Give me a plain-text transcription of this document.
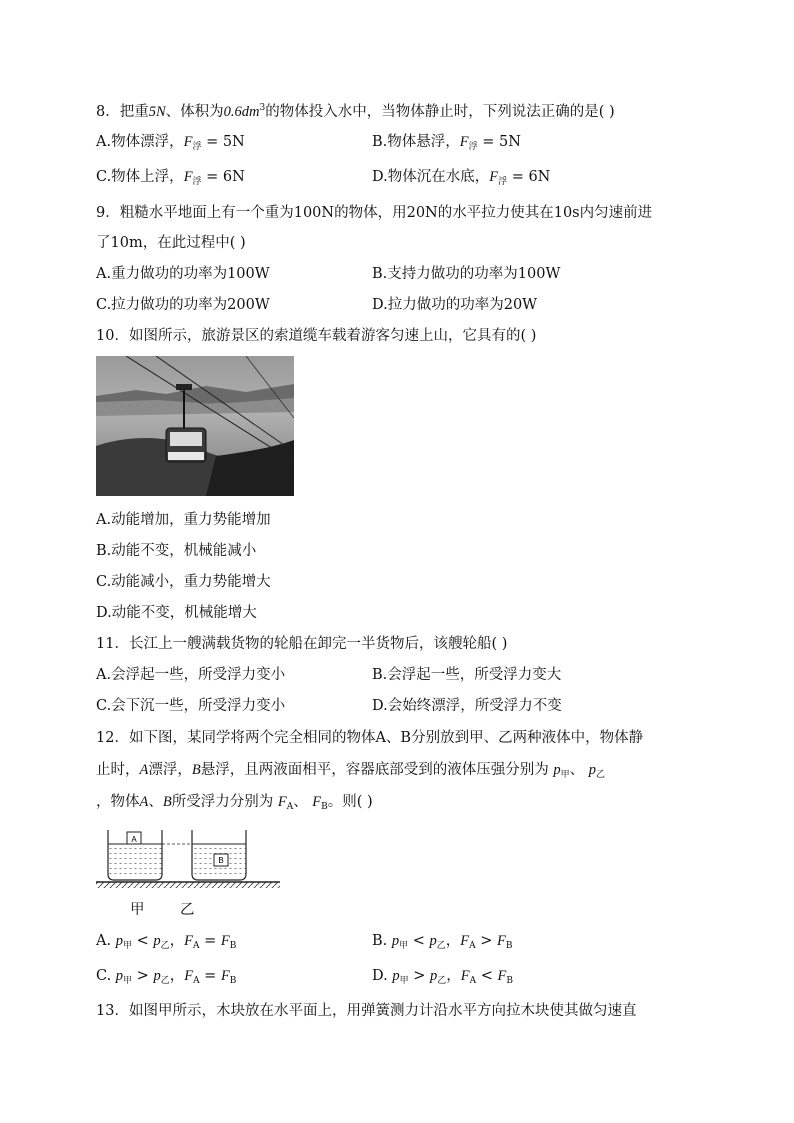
8．把重5N、体积为$0.6dm^3$的物体投入水中，当物体静止时，下列说法正确的是( )
A.物体漂浮，$F_浮 = 5N$	B.物体悬浮，$F_浮 = 5N$
C.物体上浮，$F_浮 = 6N$	D.物体沉在水底，$F_浮 = 6N$
9．粗糙水平地面上有一个重为100N的物体，用20N的水平拉力使其在10s内匀速前进
了10m，在此过程中( )
A.重力做功的功率为100W	B.支持力做功的功率为100W
C.拉力做功的功率为200W	D.拉力做功的功率为20W
10．如图所示，旅游景区的索道缆车载着游客匀速上山，它具有的( )
A.动能增加，重力势能增加
B.动能不变，机械能减小
C.动能减小，重力势能增大
D.动能不变，机械能增大
11．长江上一艘满载货物的轮船在卸完一半货物后，该艘轮船( )
A.会浮起一些，所受浮力变小	B.会浮起一些，所受浮力变大
C.会下沉一些，所受浮力变小	D.会始终漂浮，所受浮力不变
12．如下图，某同学将两个完全相同的物体A、B分别放到甲、乙两种液体中，物体静
止时，A漂浮，B悬浮，且两液面相平，容器底部受到的液体压强分别为 $p_甲$、 $p_乙$
，物体A、B所受浮力分别为 $F_A$、 $F_B$。则( )
A
B
甲 乙
A. $p_甲 < p_乙$，$F_A = F_B$	B. $p_甲 < p_乙$，$F_A > F_B$
C. $p_甲 > p_乙$，$F_A = F_B$	D. $p_甲 > p_乙$，$F_A < F_B$
13．如图甲所示，木块放在水平面上，用弹簧测力计沿水平方向拉木块使其做匀速直
